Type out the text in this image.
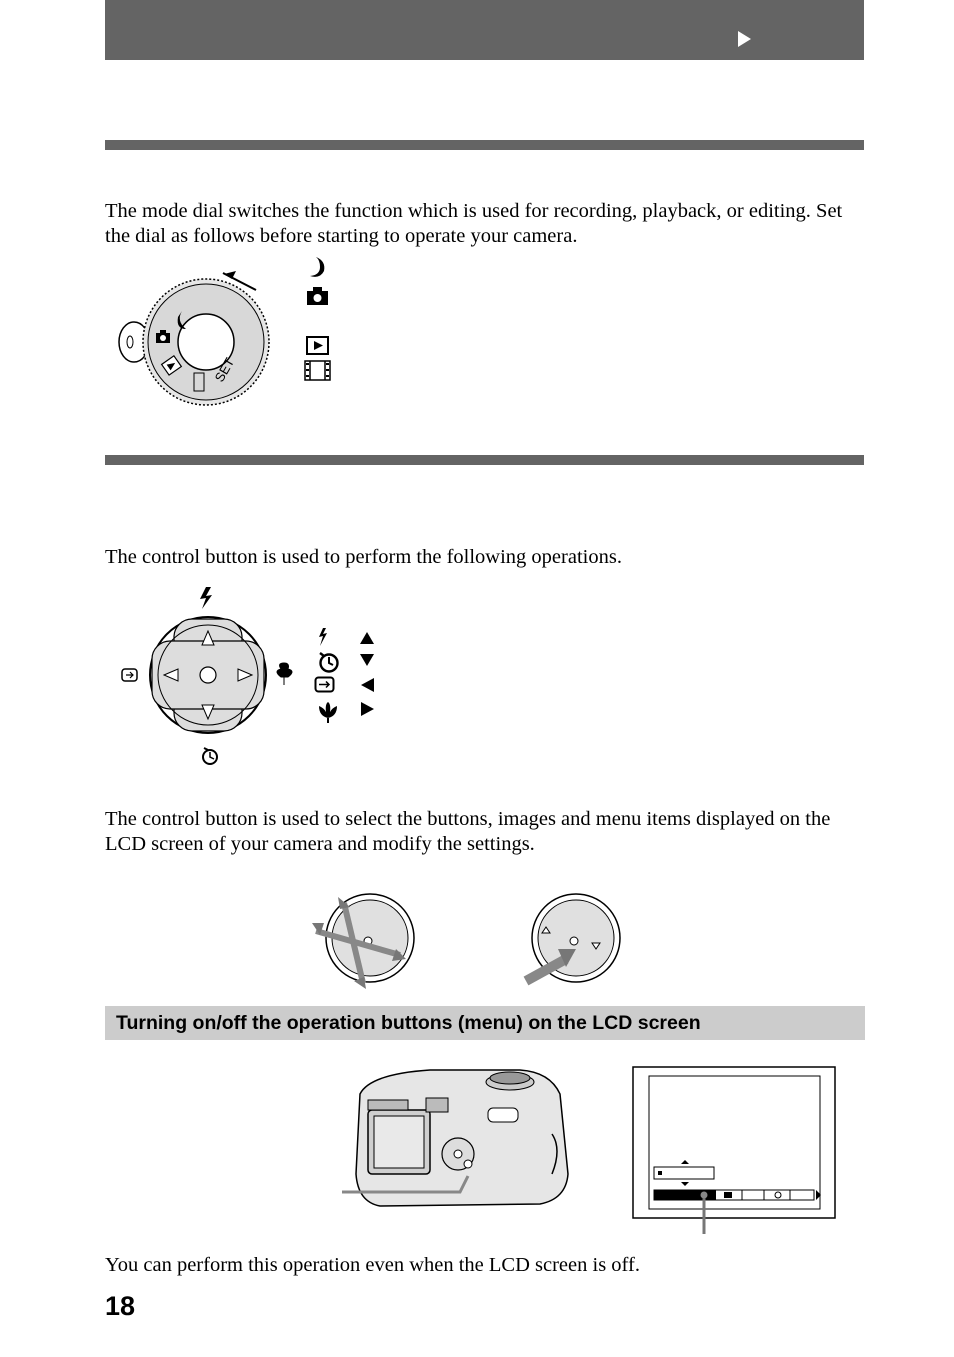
The mode dial switches the function which is used for recording, playback, or editing. Set the dial as follows before starting to operate your camera.
SET
The control button is used to perform the following operations.
The control button is used to select the buttons, images and menu items displayed on the LCD screen of your camera and modify the settings.
Turning on/off the operation buttons (menu) on the LCD screen
You can perform this operation even when the LCD screen is off.
18
